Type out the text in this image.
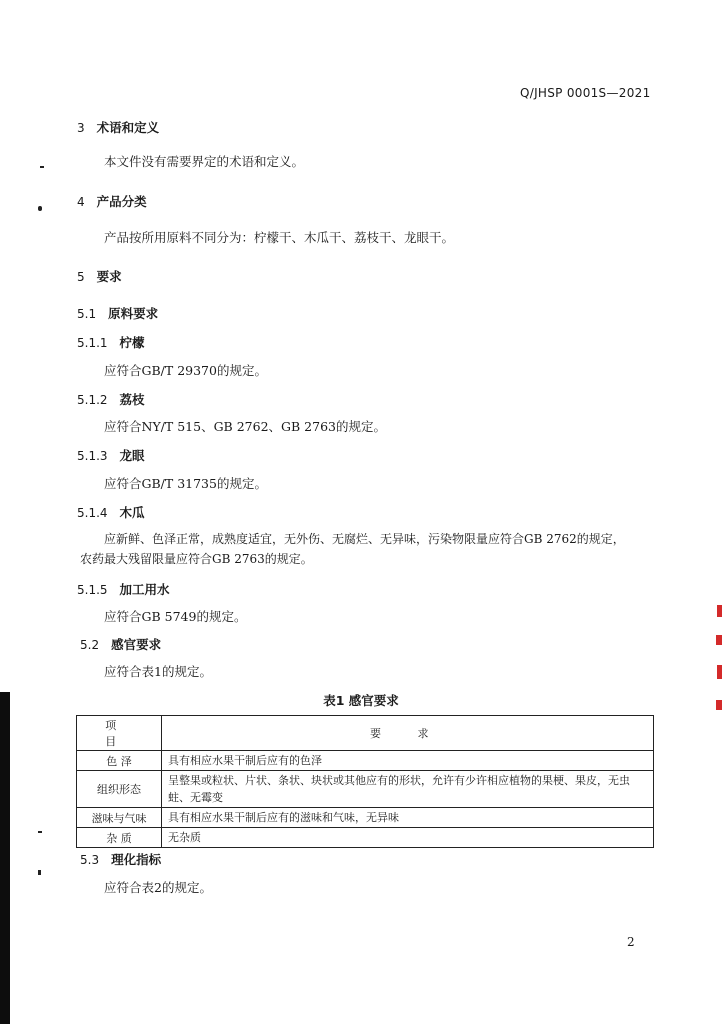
Q/JHSP 0001S—2021
3 术语和定义
本文件没有需要界定的术语和定义。
4 产品分类
产品按所用原料不同分为：柠檬干、木瓜干、荔枝干、龙眼干。
5 要求
5.1 原料要求
5.1.1 柠檬
应符合GB/T 29370的规定。
5.1.2 荔枝
应符合NY/T 515、GB 2762、GB 2763的规定。
5.1.3 龙眼
应符合GB/T 31735的规定。
5.1.4 木瓜
应新鲜、色泽正常，成熟度适宜，无外伤、无腐烂、无异味，污染物限量应符合GB 2762的规定，
农药最大残留限量应符合GB 2763的规定。
5.1.5 加工用水
应符合GB 5749的规定。
5.2 感官要求
应符合表1的规定。
表1 感官要求
项 目	要 求
色 泽	具有相应水果干制后应有的色泽
组织形态	呈整果或粒状、片状、条状、块状或其他应有的形状，允许有少许相应植物的果梗、果皮，无虫蛀、无霉变
滋味与气味	具有相应水果干制后应有的滋味和气味，无异味
杂 质	无杂质
5.3 理化指标
应符合表2的规定。
2
